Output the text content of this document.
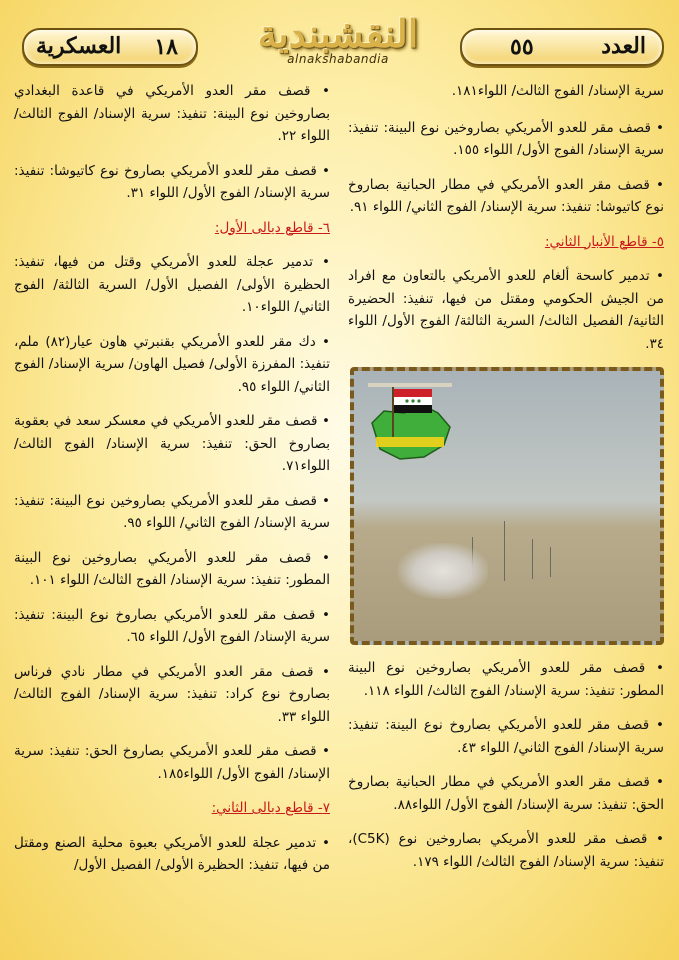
العسكرية ١٨	النقشبندية
alnakshabandia	٥٥	العدد

• قصف مقر العدو الأمريكي في قاعدة البغدادي بصاروخين نوع البينة: تنفيذ: سرية الإسناد/ الفوج الثالث/ اللواء ٢٢.

• قصف مقر للعدو الأمريكي بصاروخ نوع كاتيوشا: تنفيذ: سرية الإسناد/ الفوج الأول/ اللواء ٣١.

٦- قاطع ديالى الأول:

• تدمير عجلة للعدو الأمريكي وقتل من فيها، تنفيذ: الحظيرة الأولى/ الفصيل الأول/ السرية الثالثة/ الفوج الثاني/ اللواء١٠.

• دك مقر للعدو الأمريكي بقنبرتي هاون عيار(٨٢) ملم، تنفيذ: المفرزة الأولى/ فصيل الهاون/ سرية الإسناد/ الفوج الثاني/ اللواء ٩٥.

• قصف مقر للعدو الأمريكي في معسكر سعد في بعقوبة بصاروخ الحق: تنفيذ: سرية الإسناد/ الفوج الثالث/ اللواء٧١.

• قصف مقر للعدو الأمريكي بصاروخين نوع البينة: تنفيذ: سرية الإسناد/ الفوج الثاني/ اللواء ٩٥.

• قصف مقر للعدو الأمريكي بصاروخين نوع البينة المطور: تنفيذ: سرية الإسناد/ الفوج الثالث/ اللواء ١٠١.

• قصف مقر للعدو الأمريكي بصاروخ نوع البينة: تنفيذ: سرية الإسناد/ الفوج الأول/ اللواء ٦٥.

• قصف مقر العدو الأمريكي في مطار نادي فرناس بصاروخ نوع كراد: تنفيذ: سرية الإسناد/ الفوج الثالث/ اللواء ٣٣.

• قصف مقر للعدو الأمريكي بصاروخ الحق: تنفيذ: سرية الإسناد/ الفوج الأول/ اللواء١٨٥.

٧- قاطع ديالى الثاني:

• تدمير عجلة للعدو الأمريكي بعبوة محلية الصنع ومقتل من فيها، تنفيذ: الحظيرة الأولى/ الفصيل الأول/

سرية الإسناد/ الفوج الثالث/ اللواء١٨١.

• قصف مقر للعدو الأمريكي بصاروخين نوع البينة: تنفيذ: سرية الإسناد/ الفوج الأول/ اللواء ١٥٥.

• قصف مقر العدو الأمريكي في مطار الحبانية بصاروخ نوع كاتيوشا: تنفيذ: سرية الإسناد/ الفوج الثاني/ اللواء ٩١.

٥- قاطع الأنبار الثاني:

• تدمير كاسحة ألغام للعدو الأمريكي بالتعاون مع افراد من الجيش الحكومي ومقتل من فيها، تنفيذ: الحضيرة الثانية/ الفصيل الثالث/ السرية الثالثة/ الفوج الأول/ اللواء ٣٤.

• قصف مقر للعدو الأمريكي بصاروخين نوع البينة المطور: تنفيذ: سرية الإسناد/ الفوج الثالث/ اللواء ١١٨.

• قصف مقر للعدو الأمريكي بصاروخ نوع البينة: تنفيذ: سرية الإسناد/ الفوج الثاني/ اللواء ٤٣.

• قصف مقر العدو الأمريكي في مطار الحبانية بصاروخ الحق: تنفيذ: سرية الإسناد/ الفوج الأول/ اللواء٨٨.

• قصف مقر للعدو الأمريكي بصاروخين نوع (C5K)، تنفيذ: سرية الإسناد/ الفوج الثالث/ اللواء ١٧٩.
